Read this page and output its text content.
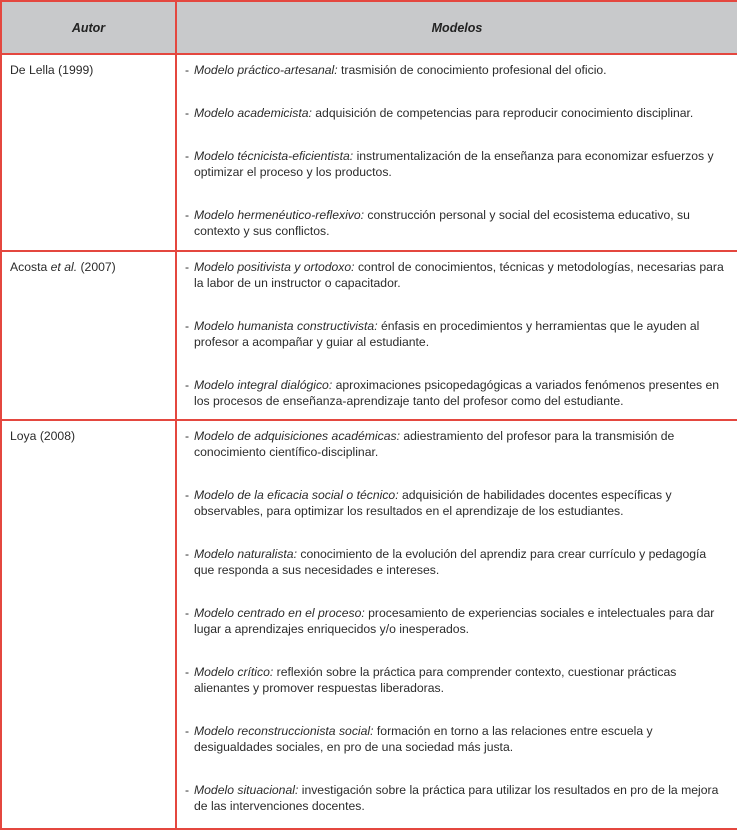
Autor	Modelos
De Lella (1999)	- Modelo práctico-artesanal: trasmisión de conocimiento profesional del oficio.
- Modelo academicista: adquisición de competencias para reproducir conocimiento disciplinar.
- Modelo técnicista-eficientista: instrumentalización de la enseñanza para economizar esfuerzos y optimizar el proceso y los productos.
- Modelo hermenéutico-reflexivo: construcción personal y social del ecosistema educativo, su contexto y sus conflictos.

Acosta et al. (2007)	- Modelo positivista y ortodoxo: control de conocimientos, técnicas y metodologías, necesarias para la labor de un instructor o capacitador.
- Modelo humanista constructivista: énfasis en procedimientos y herramientas que le ayuden al profesor a acompañar y guiar al estudiante.
- Modelo integral dialógico: aproximaciones psicopedagógicas a variados fenómenos presentes en los procesos de enseñanza-aprendizaje tanto del profesor como del estudiante.

Loya (2008)	- Modelo de adquisiciones académicas: adiestramiento del profesor para la transmisión de conocimiento científico-disciplinar.
- Modelo de la eficacia social o técnico: adquisición de habilidades docentes específicas y observables, para optimizar los resultados en el aprendizaje de los estudiantes.
- Modelo naturalista: conocimiento de la evolución del aprendiz para crear currículo y pedagogía que responda a sus necesidades e intereses.
- Modelo centrado en el proceso: procesamiento de experiencias sociales e intelectuales para dar lugar a aprendizajes enriquecidos y/o inesperados.
- Modelo crítico: reflexión sobre la práctica para comprender contexto, cuestionar prácticas alienantes y promover respuestas liberadoras.
- Modelo reconstruccionista social: formación en torno a las relaciones entre escuela y desigualdades sociales, en pro de una sociedad más justa.
- Modelo situacional: investigación sobre la práctica para utilizar los resultados en pro de la mejora de las intervenciones docentes.
